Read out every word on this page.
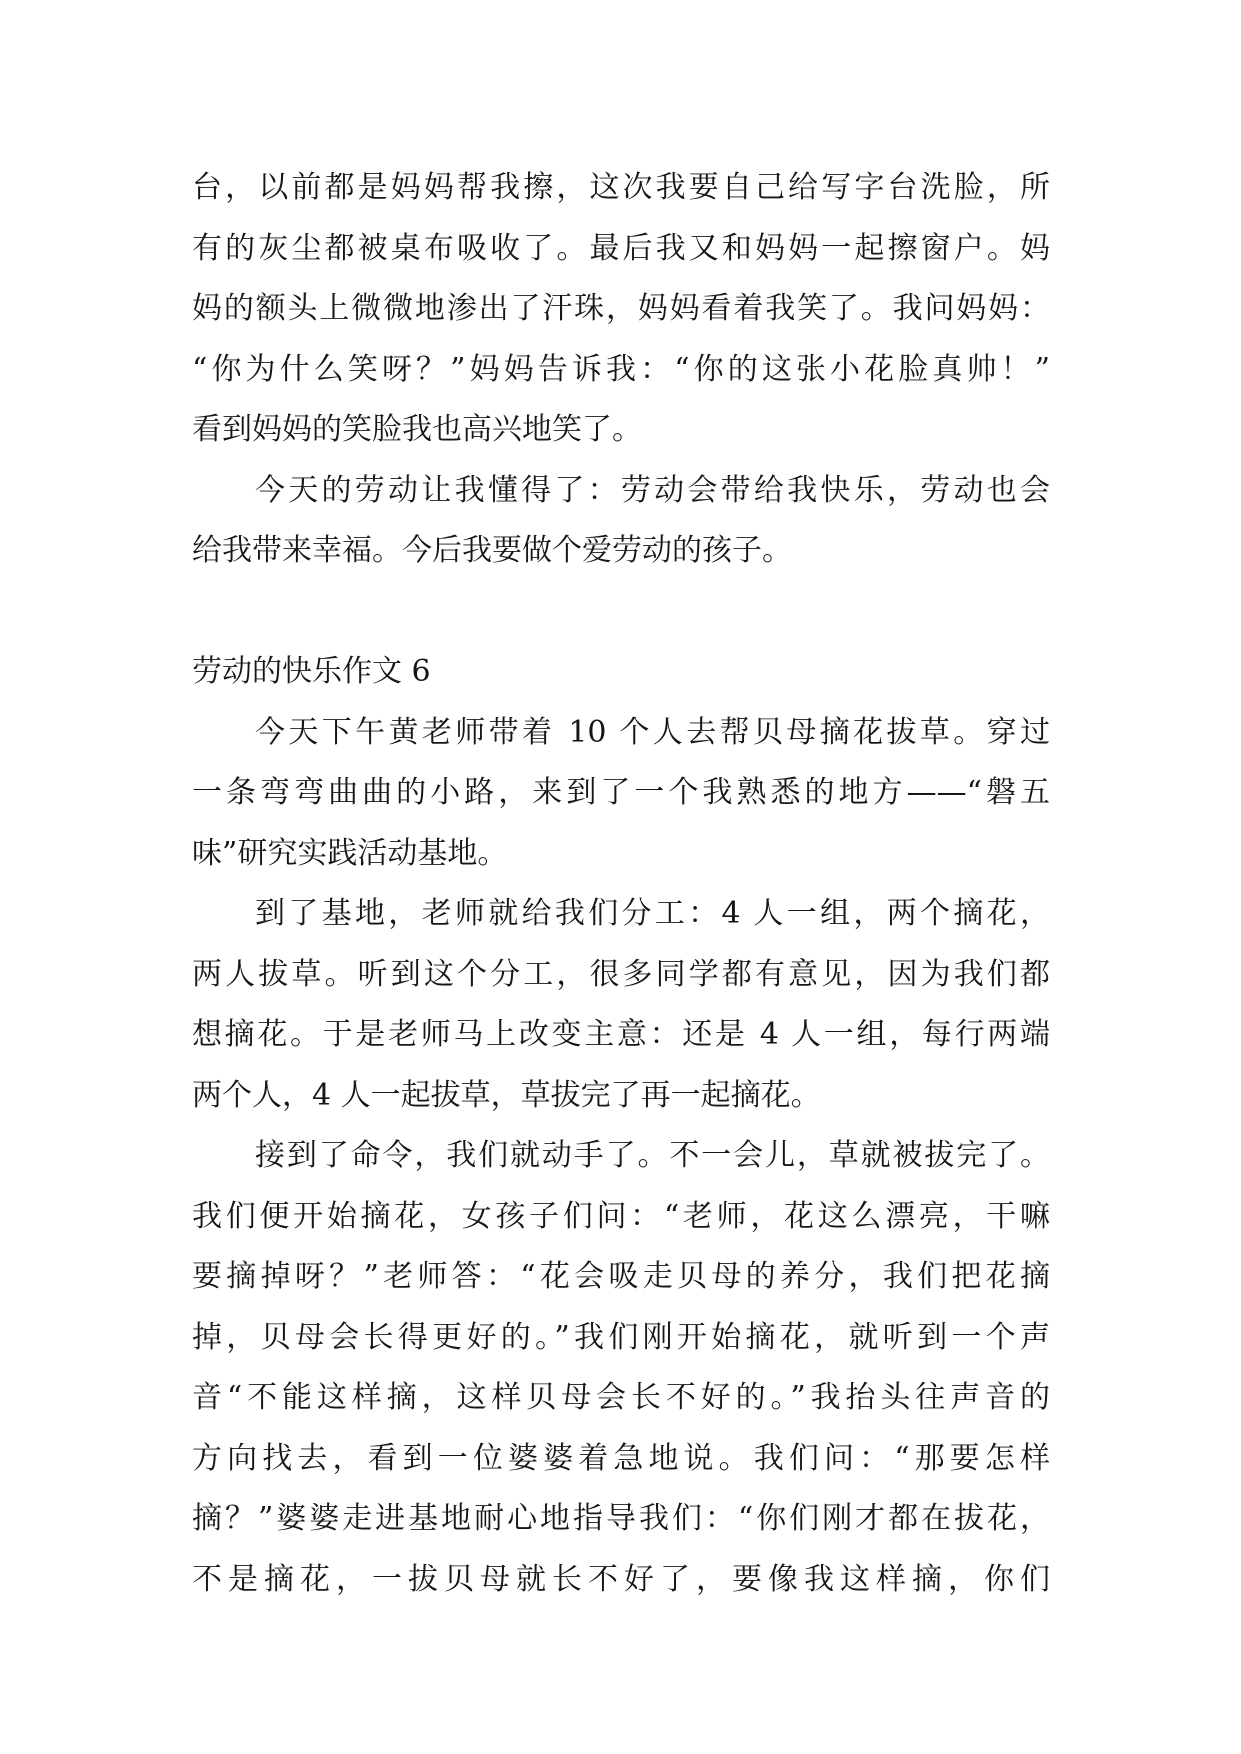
台，以前都是妈妈帮我擦，这次我要自己给写字台洗脸，所
有的灰尘都被桌布吸收了。最后我又和妈妈一起擦窗户。妈
妈的额头上微微地渗出了汗珠，妈妈看着我笑了。我问妈妈：
“你为什么笑呀？”妈妈告诉我：“你的这张小花脸真帅！”
看到妈妈的笑脸我也高兴地笑了。
今天的劳动让我懂得了：劳动会带给我快乐，劳动也会
给我带来幸福。今后我要做个爱劳动的孩子。
劳动的快乐作文 6
今天下午黄老师带着 10 个人去帮贝母摘花拔草。穿过
一条弯弯曲曲的小路，来到了一个我熟悉的地方——“磐五
味”研究实践活动基地。
到了基地，老师就给我们分工：4 人一组，两个摘花，
两人拔草。听到这个分工，很多同学都有意见，因为我们都
想摘花。于是老师马上改变主意：还是 4 人一组，每行两端
两个人，4 人一起拔草，草拔完了再一起摘花。
接到了命令，我们就动手了。不一会儿，草就被拔完了。
我们便开始摘花，女孩子们问：“老师，花这么漂亮，干嘛
要摘掉呀？”老师答：“花会吸走贝母的养分，我们把花摘
掉，贝母会长得更好的。”我们刚开始摘花，就听到一个声
音“不能这样摘，这样贝母会长不好的。”我抬头往声音的
方向找去，看到一位婆婆着急地说。我们问：“那要怎样
摘？”婆婆走进基地耐心地指导我们：“你们刚才都在拔花，
不是摘花，一拔贝母就长不好了，要像我这样摘，你们
